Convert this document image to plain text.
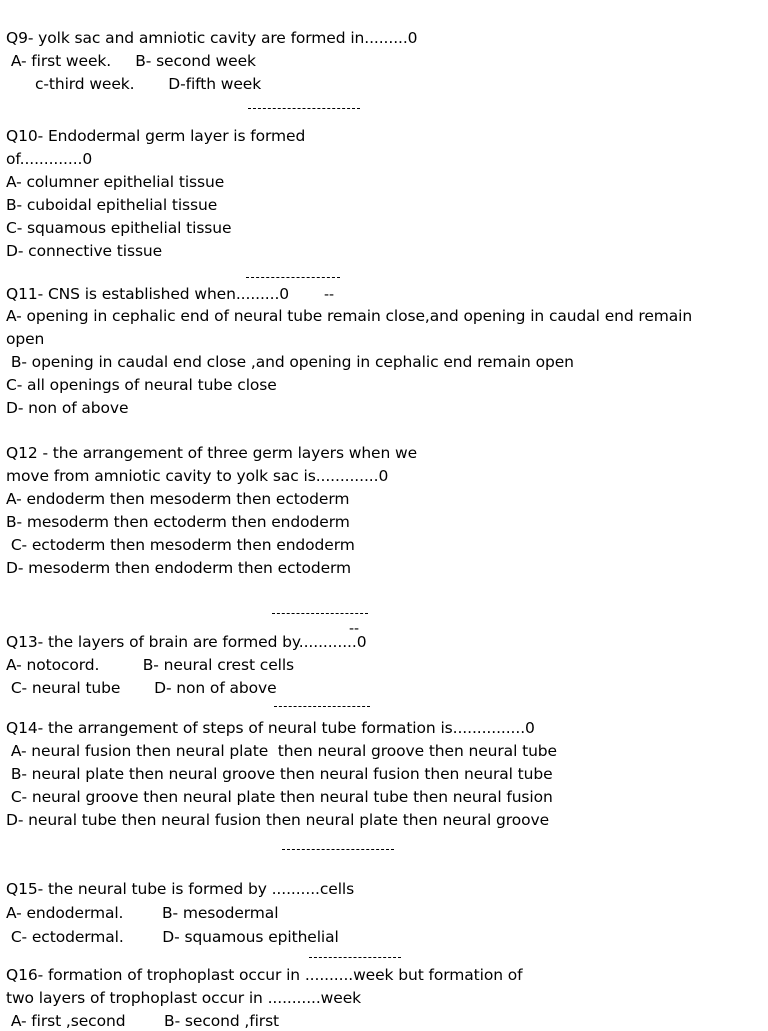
Q9- yolk sac and amniotic cavity are formed in.........0
A- first week.     B- second week
c-third week.       D-fifth week
Q10- Endodermal germ layer is formed
of.............0
A- columner epithelial tissue
B- cuboidal epithelial tissue
C- squamous epithelial tissue
D- connective tissue
Q11- CNS is established when.........0 --
A- opening in cephalic end of neural tube remain close,and opening in caudal end remain
open
B- opening in caudal end close ,and opening in cephalic end remain open
C- all openings of neural tube close
D- non of above
Q12 - the arrangement of three germ layers when we
move from amniotic cavity to yolk sac is.............0
A- endoderm then mesoderm then ectoderm
B- mesoderm then ectoderm then endoderm
C- ectoderm then mesoderm then endoderm
D- mesoderm then endoderm then ectoderm
--
Q13- the layers of brain are formed by............0
A- notocord.         B- neural crest cells
C- neural tube       D- non of above
Q14- the arrangement of steps of neural tube formation is...............0
A- neural fusion then neural plate  then neural groove then neural tube
B- neural plate then neural groove then neural fusion then neural tube
C- neural groove then neural plate then neural tube then neural fusion
D- neural tube then neural fusion then neural plate then neural groove
Q15- the neural tube is formed by ..........cells
A- endodermal.        B- mesodermal
C- ectodermal.        D- squamous epithelial
Q16- formation of trophoplast occur in ..........week but formation of
two layers of trophoplast occur in ...........week
A- first ,second        B- second ,first
